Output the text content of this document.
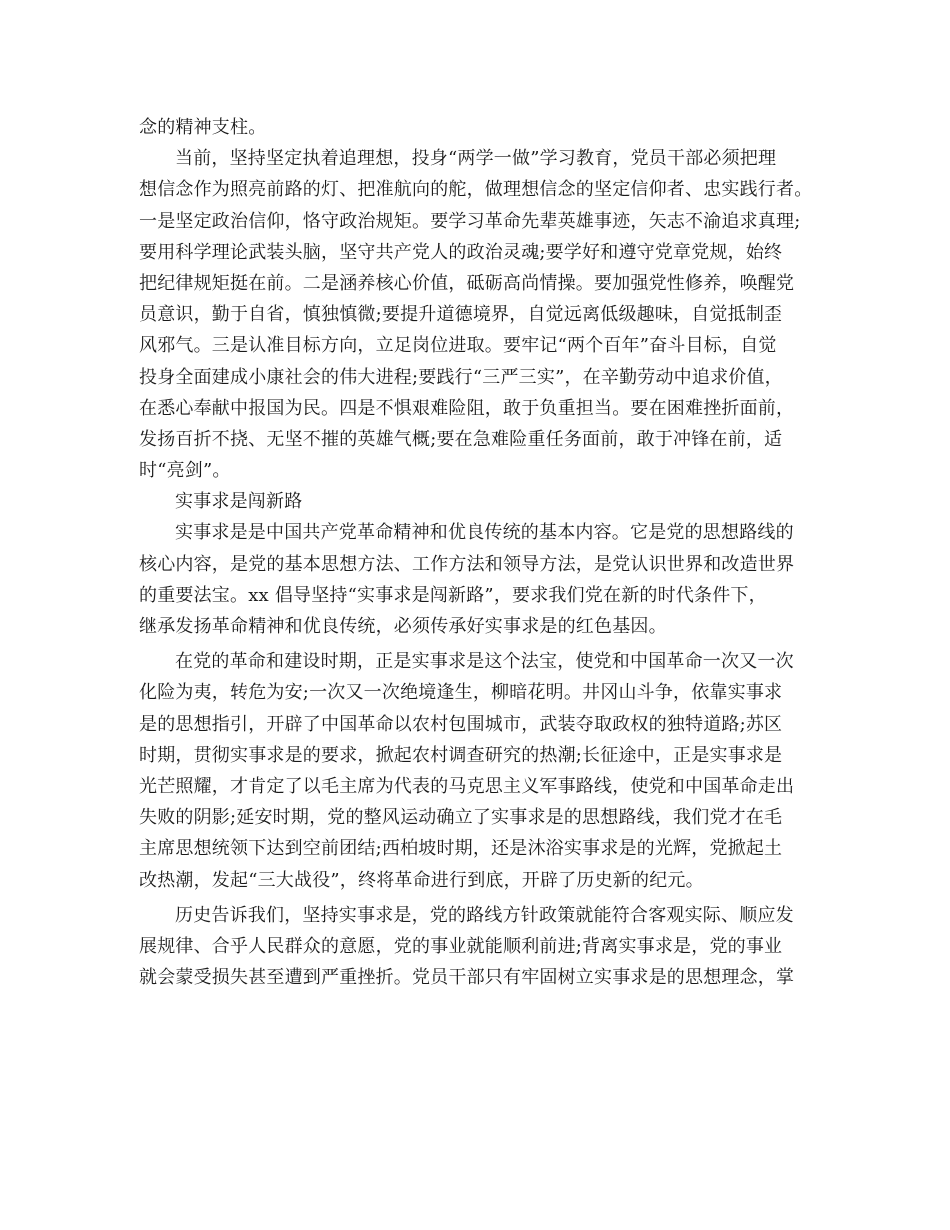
念的精神支柱。
当前，坚持坚定执着追理想，投身“两学一做”学习教育，党员干部必须把理
想信念作为照亮前路的灯、把准航向的舵，做理想信念的坚定信仰者、忠实践行者。
一是坚定政治信仰，恪守政治规矩。要学习革命先辈英雄事迹，矢志不渝追求真理;
要用科学理论武装头脑，坚守共产党人的政治灵魂;要学好和遵守党章党规，始终
把纪律规矩挺在前。二是涵养核心价值，砥砺高尚情操。要加强党性修养，唤醒党
员意识，勤于自省，慎独慎微;要提升道德境界，自觉远离低级趣味，自觉抵制歪
风邪气。三是认准目标方向，立足岗位进取。要牢记“两个百年”奋斗目标，自觉
投身全面建成小康社会的伟大进程;要践行“三严三实”，在辛勤劳动中追求价值，
在悉心奉献中报国为民。四是不惧艰难险阻，敢于负重担当。要在困难挫折面前，
发扬百折不挠、无坚不摧的英雄气概;要在急难险重任务面前，敢于冲锋在前，适
时“亮剑”。
实事求是闯新路
实事求是是中国共产党革命精神和优良传统的基本内容。它是党的思想路线的
核心内容，是党的基本思想方法、工作方法和领导方法，是党认识世界和改造世界
的重要法宝。xx 倡导坚持“实事求是闯新路”，要求我们党在新的时代条件下，
继承发扬革命精神和优良传统，必须传承好实事求是的红色基因。
在党的革命和建设时期，正是实事求是这个法宝，使党和中国革命一次又一次
化险为夷，转危为安;一次又一次绝境逢生，柳暗花明。井冈山斗争，依靠实事求
是的思想指引，开辟了中国革命以农村包围城市，武装夺取政权的独特道路;苏区
时期，贯彻实事求是的要求，掀起农村调查研究的热潮;长征途中，正是实事求是
光芒照耀，才肯定了以毛主席为代表的马克思主义军事路线，使党和中国革命走出
失败的阴影;延安时期，党的整风运动确立了实事求是的思想路线，我们党才在毛
主席思想统领下达到空前团结;西柏坡时期，还是沐浴实事求是的光辉，党掀起土
改热潮，发起“三大战役”，终将革命进行到底，开辟了历史新的纪元。
历史告诉我们，坚持实事求是，党的路线方针政策就能符合客观实际、顺应发
展规律、合乎人民群众的意愿，党的事业就能顺利前进;背离实事求是，党的事业
就会蒙受损失甚至遭到严重挫折。党员干部只有牢固树立实事求是的思想理念，掌
